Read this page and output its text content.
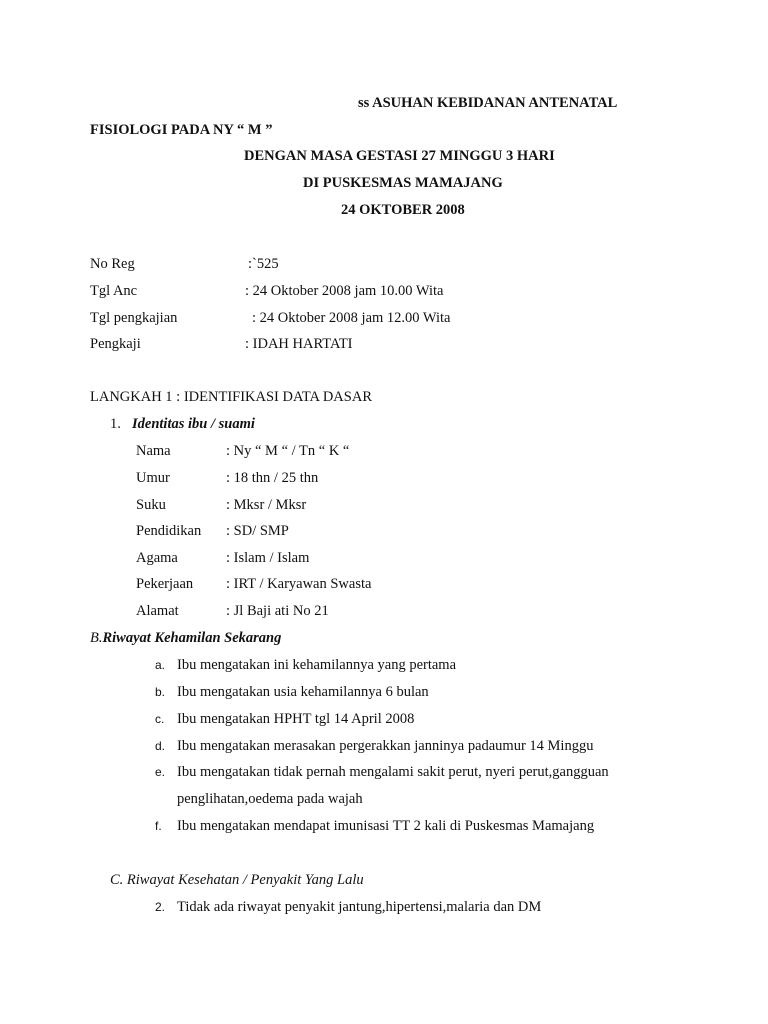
ss ASUHAN KEBIDANAN ANTENATAL
FISIOLOGI PADA NY “ M ”
DENGAN MASA GESTASI 27 MINGGU 3 HARI
DI PUSKESMAS MAMAJANG
24 OKTOBER 2008
No Reg	:`525
Tgl Anc	: 24 Oktober 2008 jam 10.00 Wita
Tgl pengkajian	: 24 Oktober 2008 jam 12.00 Wita
Pengkaji	: IDAH HARTATI
LANGKAH 1 : IDENTIFIKASI DATA DASAR
1. Identitas ibu / suami
Nama	: Ny “ M “ / Tn “ K “
Umur	: 18 thn / 25 thn
Suku	: Mksr / Mksr
Pendidikan : SD/ SMP
Agama	: Islam / Islam
Pekerjaan : IRT / Karyawan Swasta
Alamat	: Jl Baji ati No 21
B.Riwayat Kehamilan Sekarang
a. Ibu mengatakan ini kehamilannya yang pertama
b. Ibu mengatakan usia kehamilannya 6 bulan
c. Ibu mengatakan HPHT tgl 14 April 2008
d. Ibu mengatakan merasakan pergerakkan janninya padaumur 14 Minggu
e. Ibu mengatakan tidak pernah mengalami sakit perut, nyeri perut,gangguan
penglihatan,oedema pada wajah
f. Ibu mengatakan mendapat imunisasi TT 2 kali di Puskesmas Mamajang
C. Riwayat Kesehatan / Penyakit Yang Lalu
2. Tidak ada riwayat penyakit jantung,hipertensi,malaria dan DM
